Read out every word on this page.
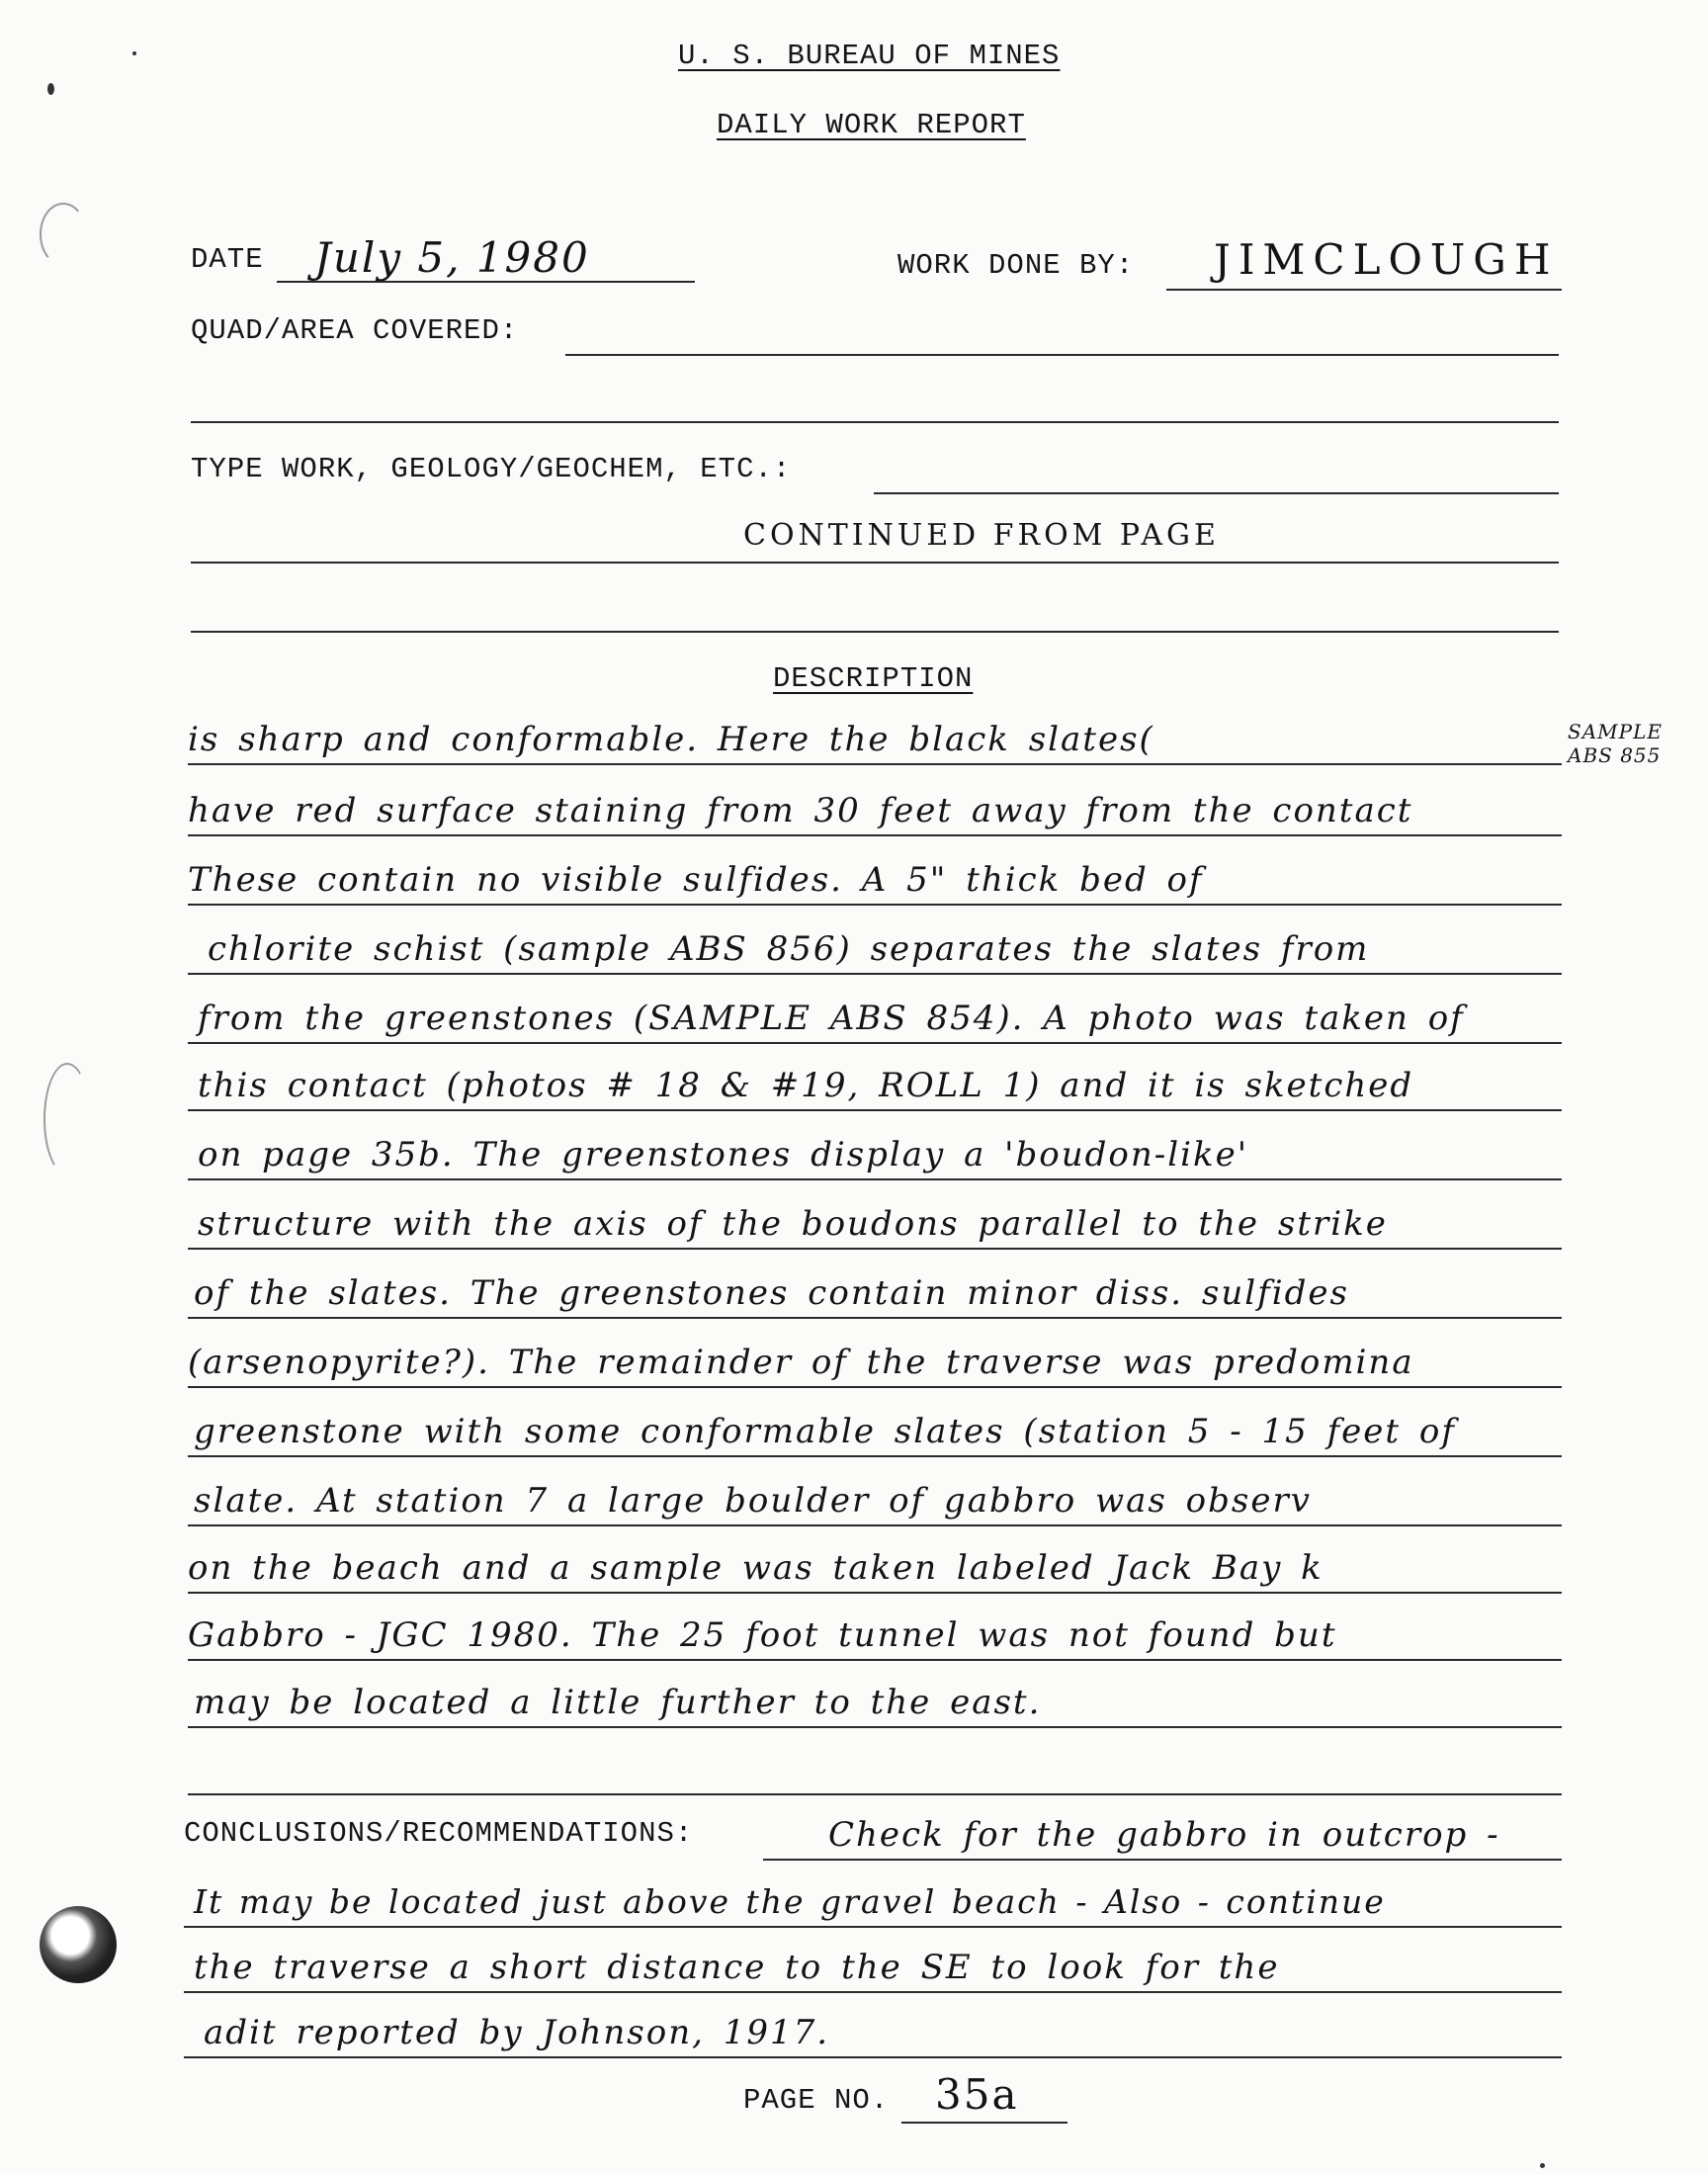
U. S. BUREAU OF MINES
DAILY WORK REPORT
DATE July 5, 1980	WORK DONE BY: JIMCLOUGH
QUAD/AREA COVERED:
TYPE WORK, GEOLOGY/GEOCHEM, ETC.:
CONTINUED FROM PAGE
DESCRIPTION
is sharp and conformable. Here the black slates(	SAMPLE
ABS 855
have red surface staining from 30 feet away from the contact
These contain no visible sulfides. A 5" thick bed of
chlorite schist (sample ABS 856) separates the slates from
from the greenstones (SAMPLE ABS 854). A photo was taken of
this contact (photos # 18 & #19, ROLL 1) and it is sketched
on page 35b. The greenstones display a 'boudon-like'
structure with the axis of the boudons parallel to the strike
of the slates. The greenstones contain minor diss. sulfides
(arsenopyrite?). The remainder of the traverse was predomina
greenstone with some conformable slates (station 5 - 15 feet of
slate. At station 7 a large boulder of gabbro was observ
on the beach and a sample was taken labeled Jack Bay k
Gabbro - JGC 1980. The 25 foot tunnel was not found but
may be located a little further to the east.
CONCLUSIONS/RECOMMENDATIONS:	Check for the gabbro in outcrop -
It may be located just above the gravel beach - Also - continue
the traverse a short distance to the SE to look for the
adit reported by Johnson, 1917.
PAGE NO. 35a
